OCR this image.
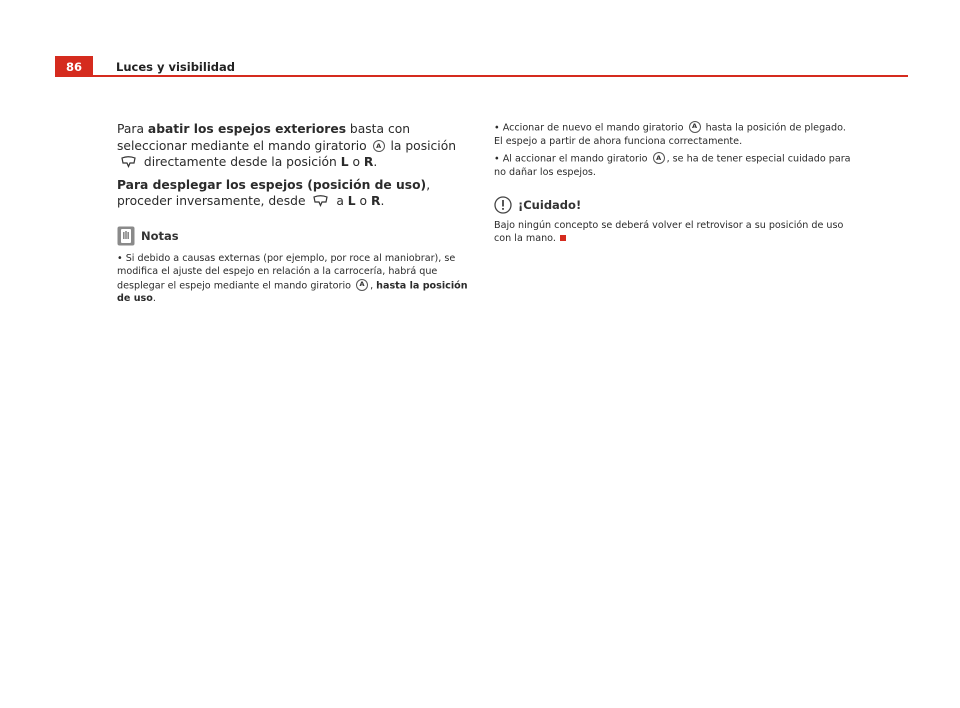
86	Luces y visibilidad

Para abatir los espejos exteriores basta con seleccionar mediante el mando giratorio A la posición  directamente desde la posición L o R.

Para desplegar los espejos (posición de uso), proceder inversamente, desde  a L o R.

Notas

• Si debido a causas externas (por ejemplo, por roce al maniobrar), se modifica el ajuste del espejo en relación a la carrocería, habrá que desplegar el espejo mediante el mando giratorio A , hasta la posición de uso.

• Accionar de nuevo el mando giratorio A hasta la posición de plegado. El espejo a partir de ahora funciona correctamente.

• Al accionar el mando giratorio A , se ha de tener especial cuidado para no dañar los espejos.

¡Cuidado!

Bajo ningún concepto se deberá volver el retrovisor a su posición de uso con la mano.
